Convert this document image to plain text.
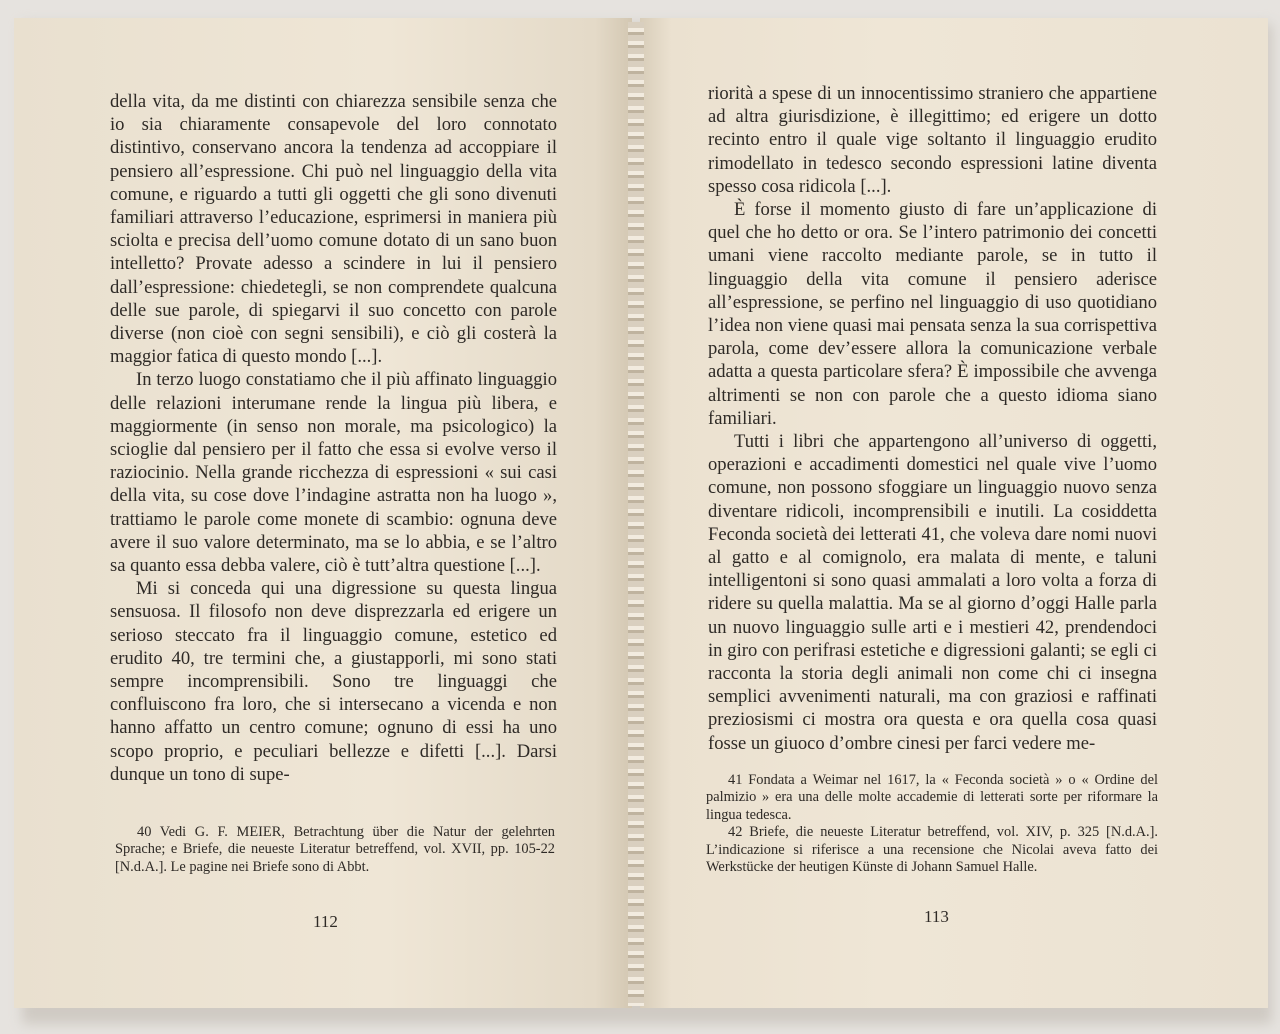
della vita, da me distinti con chiarezza sensibile senza che io sia chiaramente consapevole del loro connotato distintivo, conservano ancora la tendenza ad accoppiare il pensiero all’espressione. Chi può nel linguaggio della vita comune, e riguardo a tutti gli oggetti che gli sono divenuti familiari attraverso l’educazione, esprimersi in maniera più sciolta e precisa dell’uomo comune dotato di un sano buon intelletto? Provate adesso a scindere in lui il pensiero dall’espressione: chiedetegli, se non comprendete qualcuna delle sue parole, di spiegarvi il suo concetto con parole diverse (non cioè con segni sensibili), e ciò gli costerà la maggior fatica di questo mondo [...].

In terzo luogo constatiamo che il più affinato linguaggio delle relazioni interumane rende la lingua più libera, e maggiormente (in senso non morale, ma psicologico) la scioglie dal pensiero per il fatto che essa si evolve verso il raziocinio. Nella grande ricchezza di espressioni « sui casi della vita, su cose dove l’indagine astratta non ha luogo », trattiamo le parole come monete di scambio: ognuna deve avere il suo valore determinato, ma se lo abbia, e se l’altro sa quanto essa debba valere, ciò è tutt’altra questione [...].

Mi si conceda qui una digressione su questa lingua sensuosa. Il filosofo non deve disprezzarla ed erigere un serioso steccato fra il linguaggio comune, estetico ed erudito 40, tre termini che, a giustapporli, mi sono stati sempre incomprensibili. Sono tre linguaggi che confluiscono fra loro, che si intersecano a vicenda e non hanno affatto un centro comune; ognuno di essi ha uno scopo proprio, e peculiari bellezze e difetti [...]. Darsi dunque un tono di supe-

40 Vedi G. F. MEIER, Betrachtung über die Natur der gelehrten Sprache; e Briefe, die neueste Literatur betreffend, vol. XVII, pp. 105-22 [N.d.A.]. Le pagine nei Briefe sono di Abbt.

112

riorità a spese di un innocentissimo straniero che appartiene ad altra giurisdizione, è illegittimo; ed erigere un dotto recinto entro il quale vige soltanto il linguaggio erudito rimodellato in tedesco secondo espressioni latine diventa spesso cosa ridicola [...].

È forse il momento giusto di fare un’applicazione di quel che ho detto or ora. Se l’intero patrimonio dei concetti umani viene raccolto mediante parole, se in tutto il linguaggio della vita comune il pensiero aderisce all’espressione, se perfino nel linguaggio di uso quotidiano l’idea non viene quasi mai pensata senza la sua corrispettiva parola, come dev’essere allora la comunicazione verbale adatta a questa particolare sfera? È impossibile che avvenga altrimenti se non con parole che a questo idioma siano familiari.

Tutti i libri che appartengono all’universo di oggetti, operazioni e accadimenti domestici nel quale vive l’uomo comune, non possono sfoggiare un linguaggio nuovo senza diventare ridicoli, incomprensibili e inutili. La cosiddetta Feconda società dei letterati 41, che voleva dare nomi nuovi al gatto e al comignolo, era malata di mente, e taluni intelligentoni si sono quasi ammalati a loro volta a forza di ridere su quella malattia. Ma se al giorno d’oggi Halle parla un nuovo linguaggio sulle arti e i mestieri 42, prendendoci in giro con perifrasi estetiche e digressioni galanti; se egli ci racconta la storia degli animali non come chi ci insegna semplici avvenimenti naturali, ma con graziosi e raffinati preziosismi ci mostra ora questa e ora quella cosa quasi fosse un giuoco d’ombre cinesi per farci vedere me-

41 Fondata a Weimar nel 1617, la « Feconda società » o « Ordine del palmizio » era una delle molte accademie di letterati sorte per riformare la lingua tedesca.

42 Briefe, die neueste Literatur betreffend, vol. XIV, p. 325 [N.d.A.]. L’indicazione si riferisce a una recensione che Nicolai aveva fatto dei Werkstücke der heutigen Künste di Johann Samuel Halle.

113
